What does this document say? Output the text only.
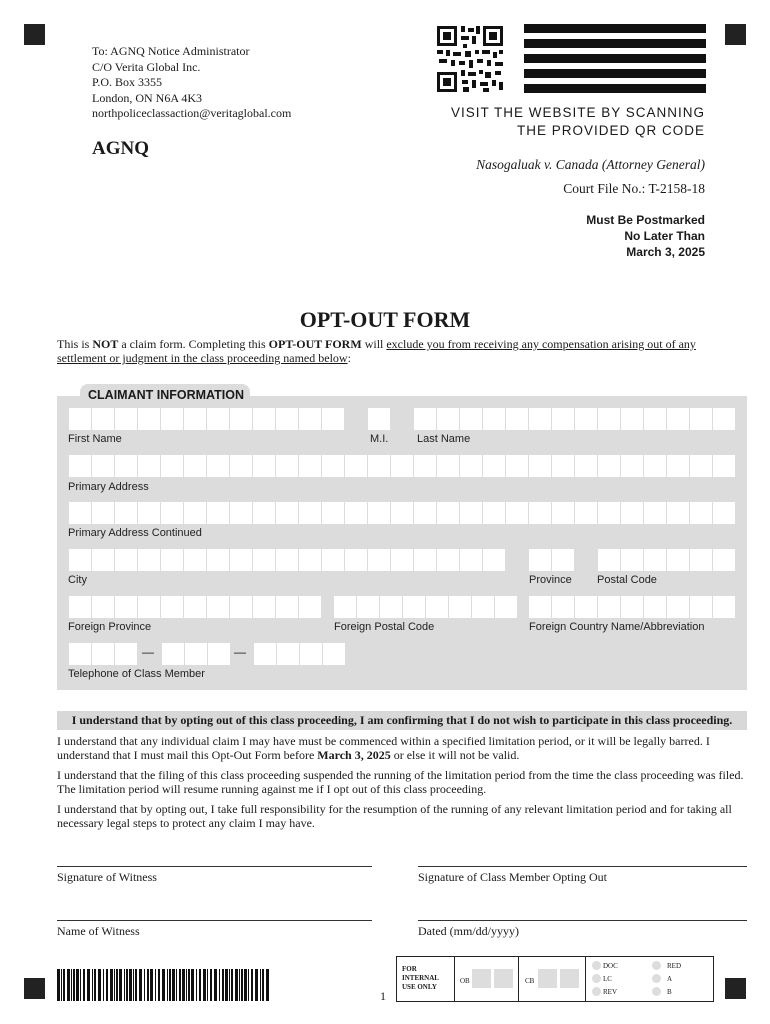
To: AGNQ Notice Administrator
C/O Verita Global Inc.
P.O. Box 3355
London, ON N6A 4K3
northpoliceclassaction@veritaglobal.com
AGNQ
VISIT THE WEBSITE BY SCANNING
THE PROVIDED QR CODE
Nasogaluak v. Canada (Attorney General)
Court File No.: T-2158-18
Must Be Postmarked
No Later Than
March 3, 2025
OPT-OUT FORM
This is NOT a claim form. Completing this OPT-OUT FORM will exclude you from receiving any compensation arising out of any settlement or judgment in the class proceeding named below:
CLAIMANT INFORMATION
First Name	M.I.	Last Name
Primary Address
Primary Address Continued
City	Province Postal Code
Foreign Province	Foreign Postal Code	Foreign Country Name/Abbreviation
—	—
Telephone of Class Member
I understand that by opting out of this class proceeding, I am confirming that I do not wish to participate in this class proceeding.
I understand that any individual claim I may have must be commenced within a specified limitation period, or it will be legally barred. I understand that I must mail this Opt-Out Form before March 3, 2025 or else it will not be valid.
I understand that the filing of this class proceeding suspended the running of the limitation period from the time the class proceeding was filed. The limitation period will resume running against me if I opt out of this class proceeding.
I understand that by opting out, I take full responsibility for the resumption of the running of any relevant limitation period and for taking all necessary legal steps to protect any claim I may have.
Signature of Witness	Signature of Class Member Opting Out
Name of Witness	Dated (mm/dd/yyyy)
1
FOR
INTERNAL
USE ONLY
OB	CB
DOC
LC
REV
RED
A
B
